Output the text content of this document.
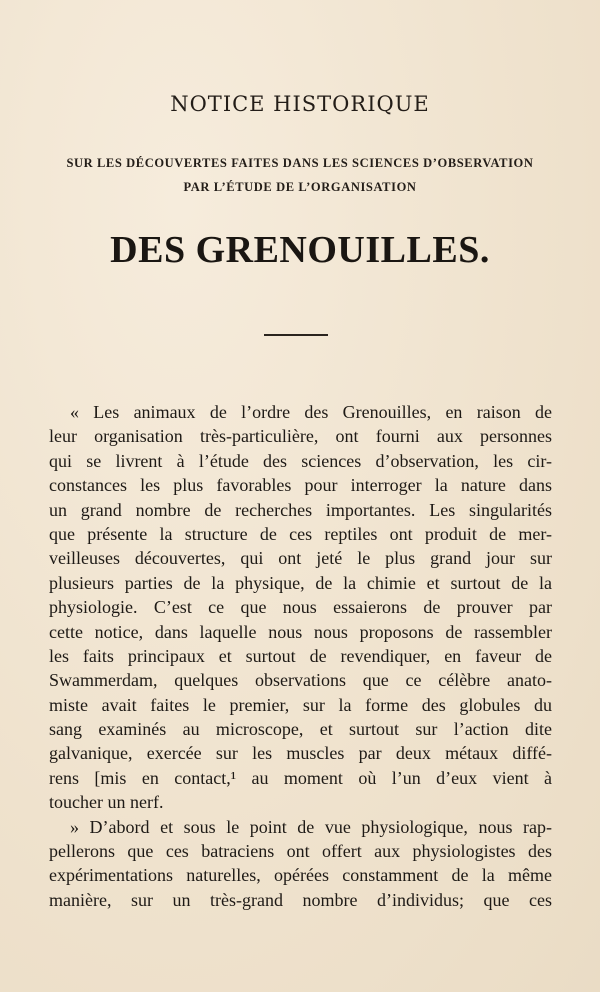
NOTICE HISTORIQUE
SUR LES DÉCOUVERTES FAITES DANS LES SCIENCES D’OBSERVATION
PAR L’ÉTUDE DE L’ORGANISATION
DES GRENOUILLES.
« Les animaux de l’ordre des Grenouilles, en raison de
leur organisation très-particulière, ont fourni aux personnes
qui se livrent à l’étude des sciences d’observation, les cir-
constances les plus favorables pour interroger la nature dans
un grand nombre de recherches importantes. Les singularités
que présente la structure de ces reptiles ont produit de mer-
veilleuses découvertes, qui ont jeté le plus grand jour sur
plusieurs parties de la physique, de la chimie et surtout de la
physiologie. C’est ce que nous essaierons de prouver par
cette notice, dans laquelle nous nous proposons de rassembler
les faits principaux et surtout de revendiquer, en faveur de
Swammerdam, quelques observations que ce célèbre anato-
miste avait faites le premier, sur la forme des globules du
sang examinés au microscope, et surtout sur l’action dite
galvanique, exercée sur les muscles par deux métaux diffé-
rens [mis en contact,¹ au moment où l’un d’eux vient à
toucher un nerf.
» D’abord et sous le point de vue physiologique, nous rap-
pellerons que ces batraciens ont offert aux physiologistes des
expérimentations naturelles, opérées constamment de la même
manière, sur un très-grand nombre d’individus; que ces
